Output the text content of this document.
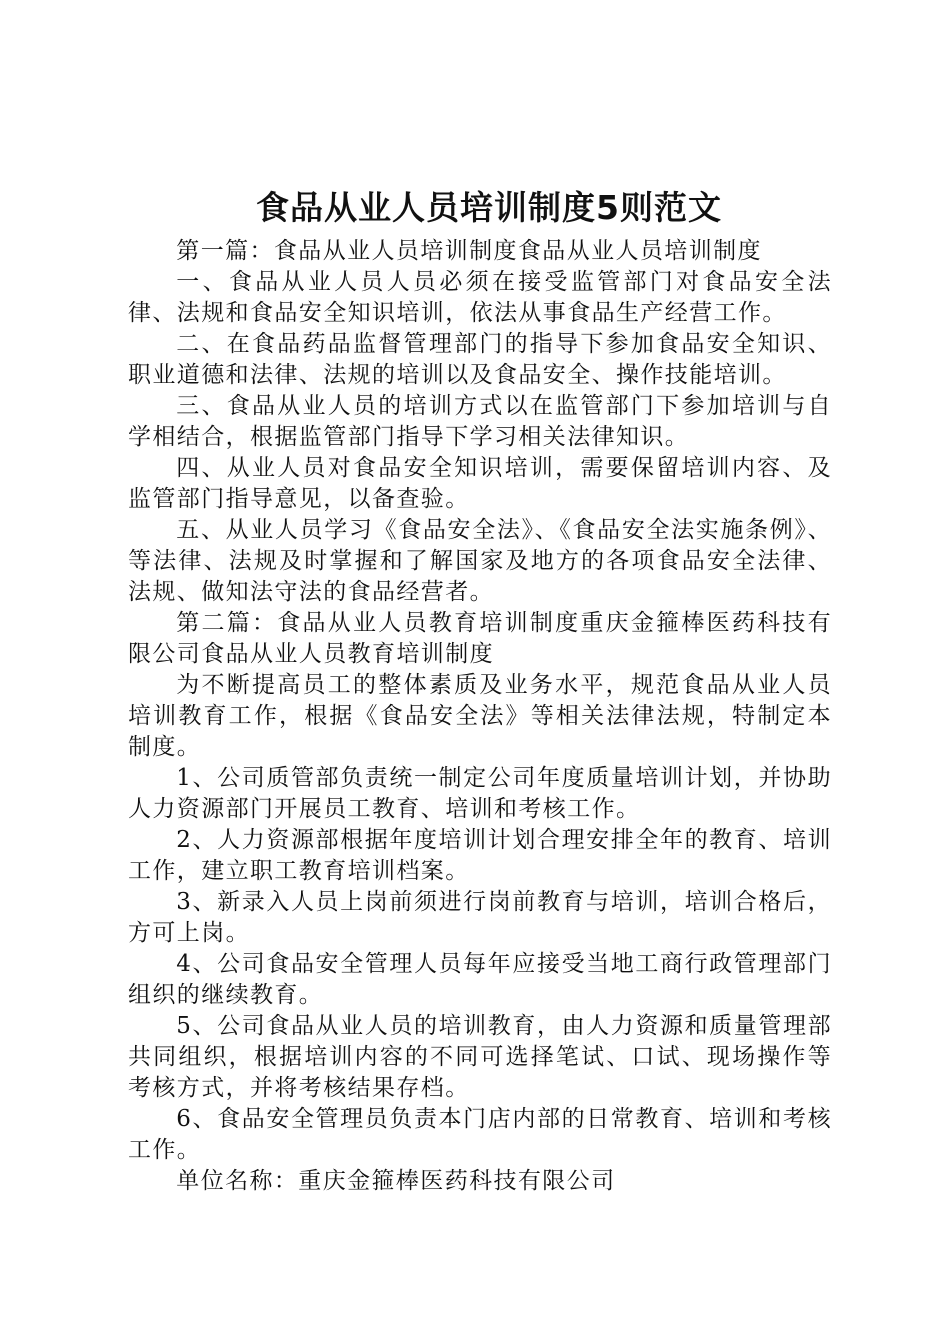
食品从业人员培训制度5则范文

第一篇：食品从业人员培训制度食品从业人员培训制度

一、食品从业人员人员必须在接受监管部门对食品安全法律、法规和食品安全知识培训，依法从事食品生产经营工作。

二、在食品药品监督管理部门的指导下参加食品安全知识、职业道德和法律、法规的培训以及食品安全、操作技能培训。

三、食品从业人员的培训方式以在监管部门下参加培训与自学相结合，根据监管部门指导下学习相关法律知识。

四、从业人员对食品安全知识培训，需要保留培训内容、及监管部门指导意见，以备查验。

五、从业人员学习《食品安全法》、《食品安全法实施条例》、等法律、法规及时掌握和了解国家及地方的各项食品安全法律、法规、做知法守法的食品经营者。

第二篇：食品从业人员教育培训制度重庆金箍棒医药科技有限公司食品从业人员教育培训制度

为不断提高员工的整体素质及业务水平，规范食品从业人员培训教育工作，根据《食品安全法》等相关法律法规，特制定本制度。

1、公司质管部负责统一制定公司年度质量培训计划，并协助人力资源部门开展员工教育、培训和考核工作。

2、人力资源部根据年度培训计划合理安排全年的教育、培训工作，建立职工教育培训档案。

3、新录入人员上岗前须进行岗前教育与培训，培训合格后，方可上岗。

4、公司食品安全管理人员每年应接受当地工商行政管理部门组织的继续教育。

5、公司食品从业人员的培训教育，由人力资源和质量管理部共同组织，根据培训内容的不同可选择笔试、口试、现场操作等考核方式，并将考核结果存档。

6、食品安全管理员负责本门店内部的日常教育、培训和考核工作。

单位名称：重庆金箍棒医药科技有限公司
